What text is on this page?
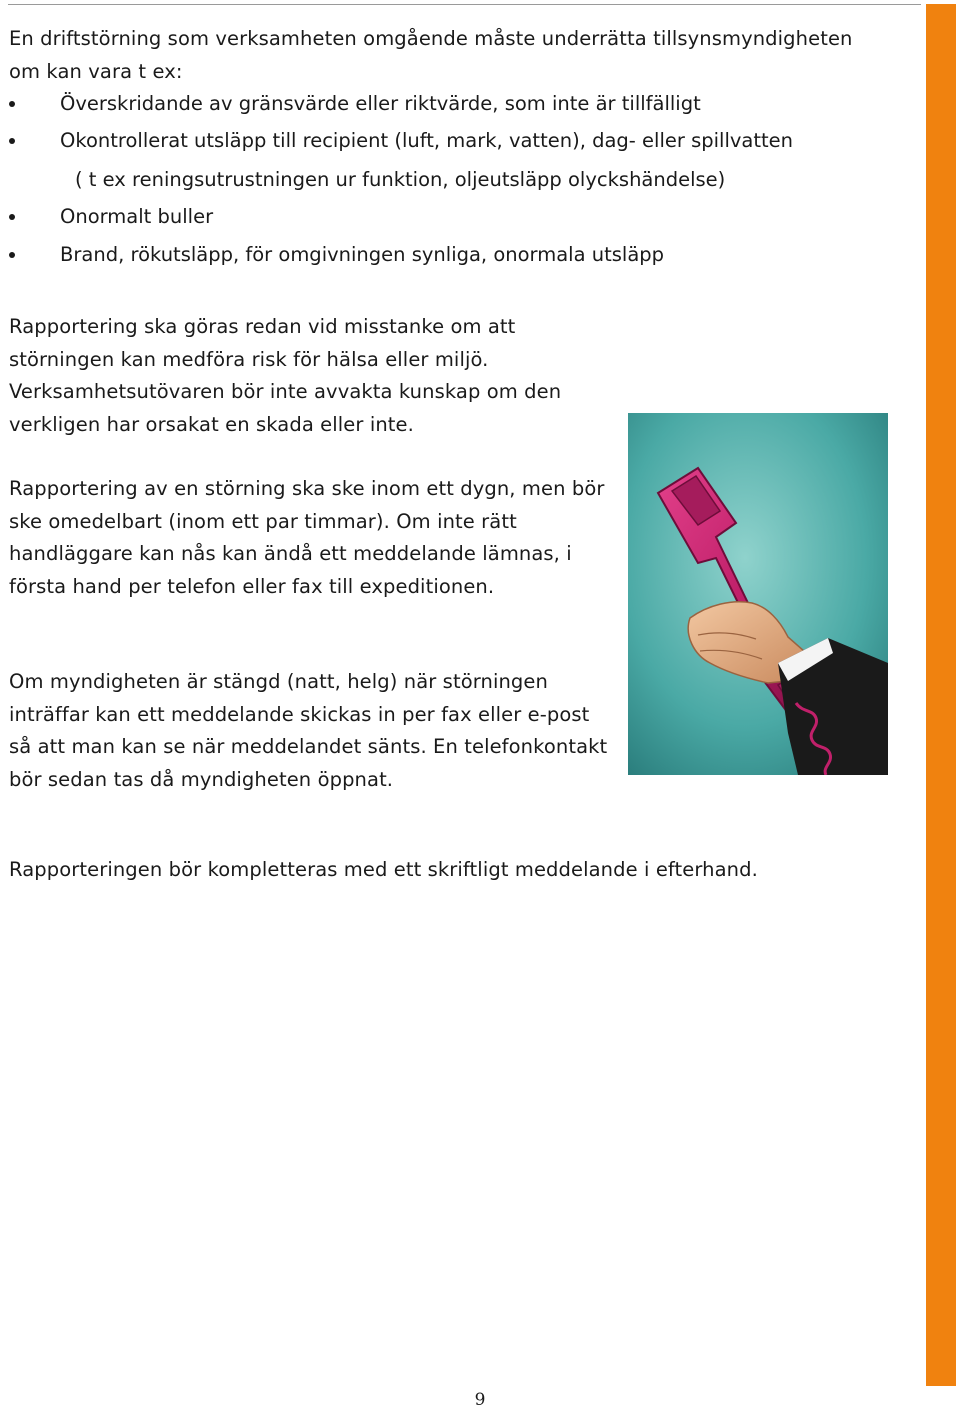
En driftstörning som verksamheten omgående måste underrätta tillsynsmyndigheten om kan vara t ex:

Överskridande av gränsvärde eller riktvärde, som inte är tillfälligt
Okontrollerat utsläpp till recipient (luft, mark, vatten), dag- eller spillvatten
Onormalt buller
Brand, rökutsläpp, för omgivningen synliga, onormala utsläpp
( t ex reningsutrustningen ur funktion, oljeutsläpp olyckshändelse)

Rapportering ska göras redan vid misstanke om att störningen kan medföra risk för hälsa eller miljö. Verksamhetsutövaren bör inte avvakta kunskap om den verkligen har orsakat en skada eller inte.

Rapportering av en störning ska ske inom ett dygn, men bör ske omedelbart (inom ett par timmar). Om inte rätt handläggare kan nås kan ändå ett meddelande lämnas, i första hand per telefon eller fax till expeditionen.

Om myndigheten är stängd (natt, helg) när störningen inträffar kan ett meddelande skickas in per fax eller e-post så att man kan se när meddelandet sänts. En telefonkontakt bör sedan tas då myndigheten öppnat.

Rapporteringen bör kompletteras med ett skriftligt meddelande i efterhand.

9
